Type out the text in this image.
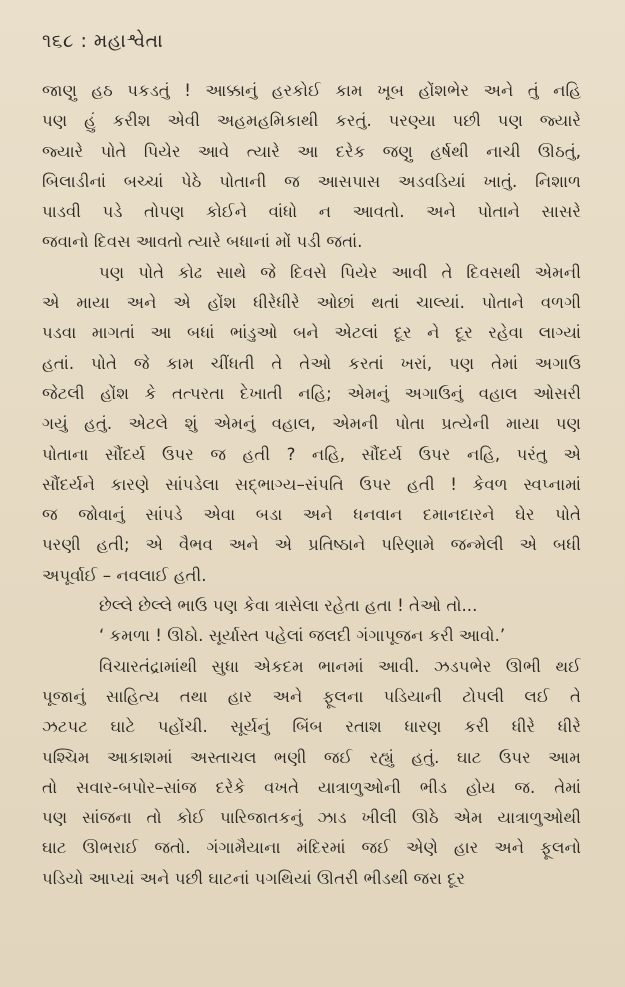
૧૬૮ : મહાશ્વેતા
જાણુ હઠ પકડતું ! આક્કાનું હરકોઈ કામ ખૂબ હોંશભેર અને તું નહિ
પણ હું કરીશ એવી અહમહમિકાથી કરતું. પરણ્યા પછી પણ જ્યારે
જ્યારે પોતે પિયેર આવે ત્યારે આ દરેક જણુ હર્ષથી નાચી ઊઠતું,
બિલાડીનાં બચ્ચાં પેઠે પોતાની જ આસપાસ અડવડિયાં ખાતું. નિશાળ
પાડવી પડે તોપણ કોઈને વાંધો ન આવતો. અને પોતાને સાસરે
જવાનો દિવસ આવતો ત્યારે બધાનાં મોં પડી જતાં.
પણ પોતે કોઢ સાથે જે દિવસે પિયેર આવી તે દિવસથી એમની
એ માયા અને એ હોંશ ધીરેધીરે ઓછાં થતાં ચાલ્યાં. પોતાને વળગી
પડવા માગતાં આ બધાં ભાંડુઓ બને એટલાં દૂર ને દૂર રહેવા લાગ્યાં
હતાં. પોતે જે કામ ચીંધતી તે તેઓ કરતાં ખરાં, પણ તેમાં અગાઉ
જેટલી હોંશ કે તત્પરતા દેખાતી નહિ; એમનું અગાઉનું વહાલ ઓસરી
ગયું હતું. એટલે શું એમનું વહાલ, એમની પોતા પ્રત્યેની માયા પણ
પોતાના સૌંદર્ય ઉપર જ હતી ? નહિ, સૌંદર્ય ઉપર નહિ, પરંતુ એ
સૌંદર્યને કારણે સાંપડેલા સદ્ભાગ્ય–સંપતિ ઉપર હતી ! કેવળ સ્વપ્નામાં
જ જોવાનું સાંપડે એવા બડા અને ધનવાન દમાનદારને ઘેર પોતે
પરણી હતી; એ વૈભવ અને એ પ્રતિષ્ઠાને પરિણામે જન્મેલી એ બધી
અપૂર્વાઈ – નવલાઈ હતી.
છેલ્લે છેલ્લે ભાઉ પણ કેવા ત્રાસેલા રહેતા હતા ! તેઓ તો...
‘ કમળા ! ઊઠો. સૂર્યાસ્ત પહેલાં જલદી ગંગાપૂજન કરી આવો.’
વિચારતંદ્રામાંથી સુધા એકદમ ભાનમાં આવી. ઝડપભેર ઊભી થઈ
પૂજાનું સાહિત્ય તથા હાર અને ફૂલના પડિયાની ટોપલી લઈ તે
ઝટપટ ઘાટે પહોંચી. સૂર્યનું બિંબ રતાશ ધારણ કરી ધીરે ધીરે
પશ્ચિમ આકાશમાં અસ્તાચલ ભણી જઈ રહ્યું હતું. ઘાટ ઉપર આમ
તો સવાર-બપોર–સાંજ દરેકે વખતે યાત્રાળુઓની ભીડ હોય જ. તેમાં
પણ સાંજના તો કોઈ પારિજાતકનું ઝાડ ખીલી ઊઠે એમ યાત્રાળુઓથી
ઘાટ ઊભરાઈ જતો. ગંગામૈયાના મંદિરમાં જઈ એણે હાર અને ફૂલનો
પડિયો આપ્યાં અને પછી ઘાટનાં પગથિયાં ઊતરી ભીડથી જરા દૂર
